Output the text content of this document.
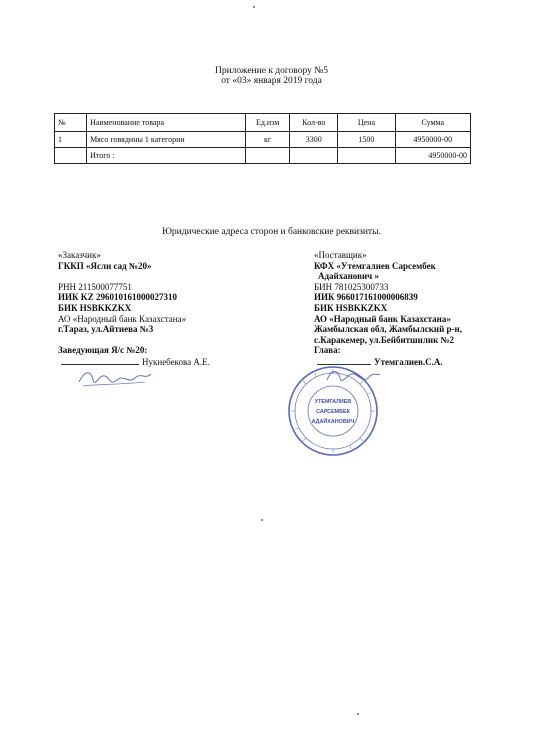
Приложение к договору №5
от «03» января 2019 года
№	Наименование товара	Ед.изм	Кол-во	Цена	Сумма
1	Мясо говядины 1 категории	кг	3300	1500	4950000-00
	Итого :				4950000-00
Юридические адреса сторон и банковские реквизиты.
«Заказчик»
ГККП «Ясли сад №20»
РНН 211500077751
ИИК KZ 296010161000027310
БИК HSBKKZKX
АО «Народный банк Казахстана»
г.Тараз, ул.Айтиева №3
Заведующая Я/с №20:
Нукнебекова А.Е.
«Поставщик»
КФХ «Утемгалиев Сарсембек
Адайханович »
БИН 781025300733
ИИК 966017161000006839
БИК HSBKKZKX
АО «Народный банк Казахстана»
Жамбылская обл, Жамбылский р-н,
с.Каракемер, ул.Бейбитшилик №2
Глава:
Утемгалиев.С.А.
УТЕМГАЛИЕВ
САРСЕМБЕК
АДАЙХАНОВИЧ
